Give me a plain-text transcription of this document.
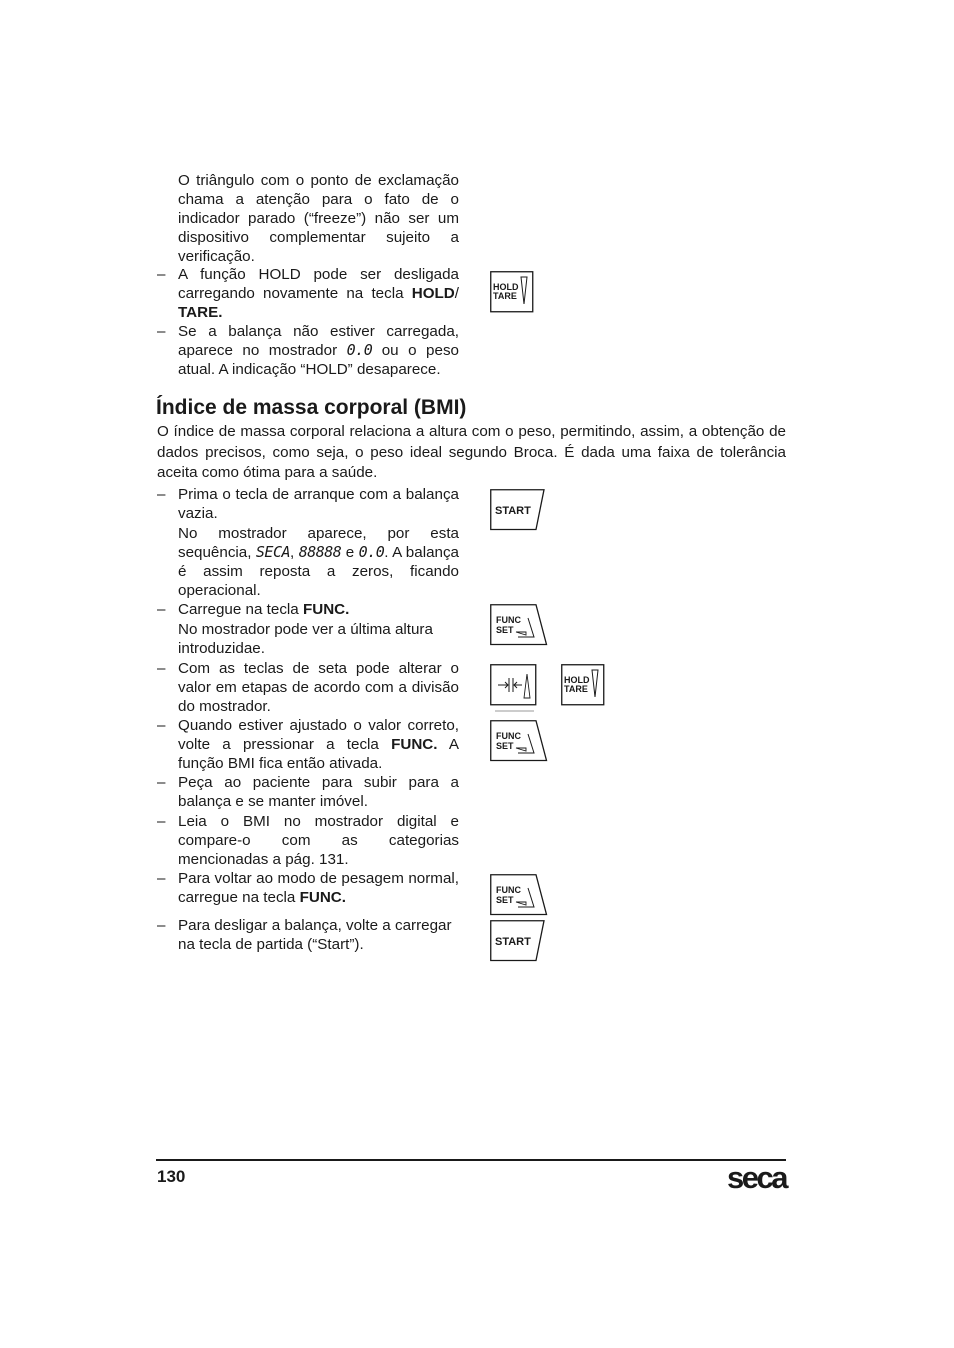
O triângulo com o ponto de exclamação chama a atenção para o fato de o indicador parado (“freeze”) não ser um dispositivo complementar sujeito a verificação.
– A função HOLD pode ser desligada carregando novamente na tecla HOLD/ TARE.
– Se a balança não estiver carregada, aparece no mostrador 0.0 ou o peso atual. A indicação “HOLD” desaparece.
HOLD
TARE
Índice de massa corporal (BMI)
O índice de massa corporal relaciona a altura com o peso, permitindo, assim, a obtenção de dados precisos, como seja, o peso ideal segundo Broca. É dada uma faixa de tolerância aceita como ótima para a saúde.
– Prima o tecla de arranque com a balança vazia.
No mostrador aparece, por esta sequência, SECA, 88888 e 0.0. A balança é assim reposta a zeros, ficando operacional.
START
– Carregue na tecla FUNC.
No mostrador pode ver a última altura introduzidae.
FUNC
SET
– Com as teclas de seta pode alterar o valor em etapas de acordo com a divisão do mostrador.
HOLD
TARE
– Quando estiver ajustado o valor correto, volte a pressionar a tecla FUNC. A função BMI fica então ativada.
FUNC
SET
– Peça ao paciente para subir para a balança e se manter imóvel.
– Leia o BMI no mostrador digital e compare-o com as categorias mencionadas a pág. 131.
– Para voltar ao modo de pesagem normal, carregue na tecla FUNC.	FUNC
SET
– Para desligar a balança, volte a carregar na tecla de partida (“Start”).	START
130	seca
